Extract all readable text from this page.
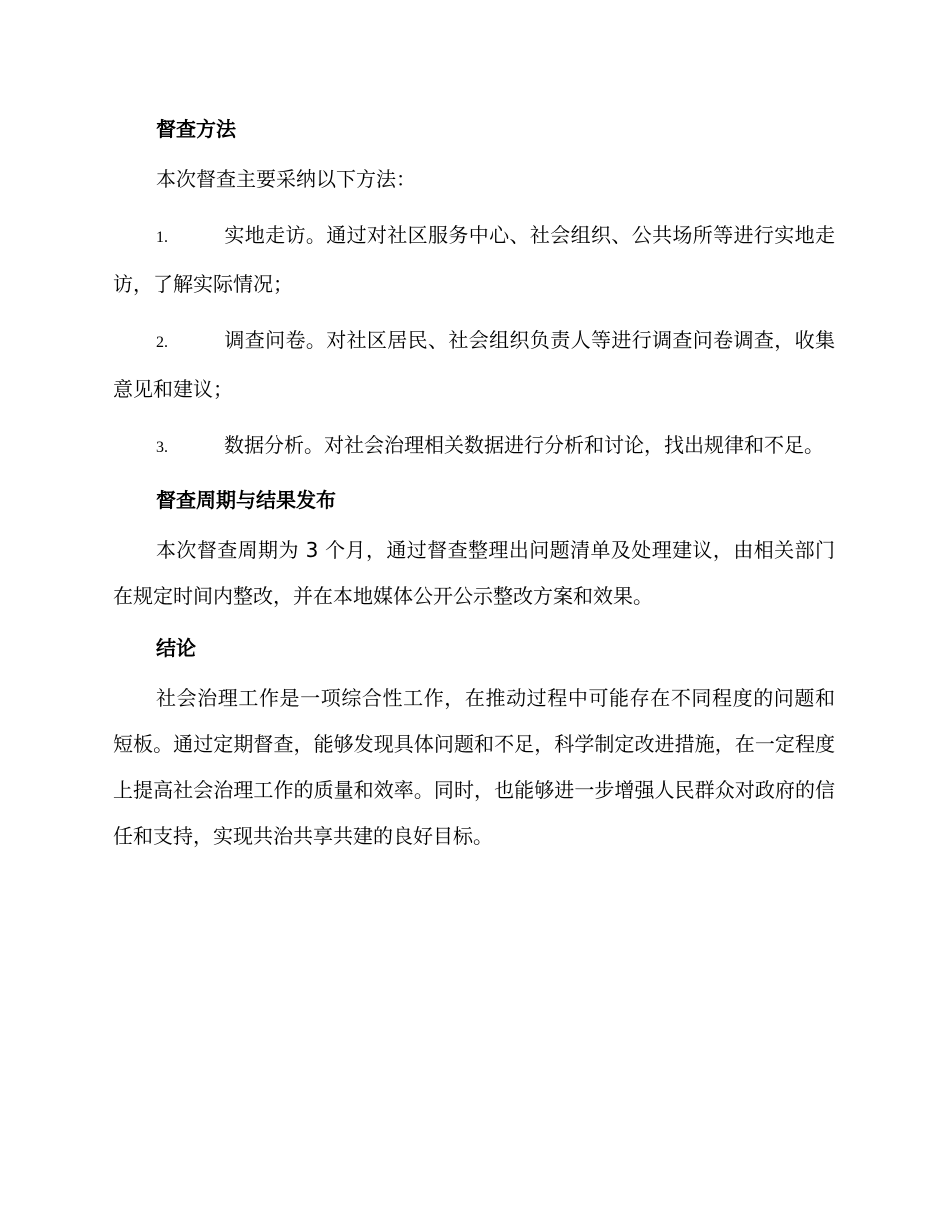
督查方法

本次督查主要采纳以下方法：

1.	实地走访。通过对社区服务中心、社会组织、公共场所等进行实地走访，了解实际情况；

2.	调查问卷。对社区居民、社会组织负责人等进行调查问卷调查，收集意见和建议；

3.	数据分析。对社会治理相关数据进行分析和讨论，找出规律和不足。

督查周期与结果发布

本次督查周期为 3 个月，通过督查整理出问题清单及处理建议，由相关部门在规定时间内整改，并在本地媒体公开公示整改方案和效果。

结论

社会治理工作是一项综合性工作，在推动过程中可能存在不同程度的问题和短板。通过定期督查，能够发现具体问题和不足，科学制定改进措施，在一定程度上提高社会治理工作的质量和效率。同时，也能够进一步增强人民群众对政府的信任和支持，实现共治共享共建的良好目标。
